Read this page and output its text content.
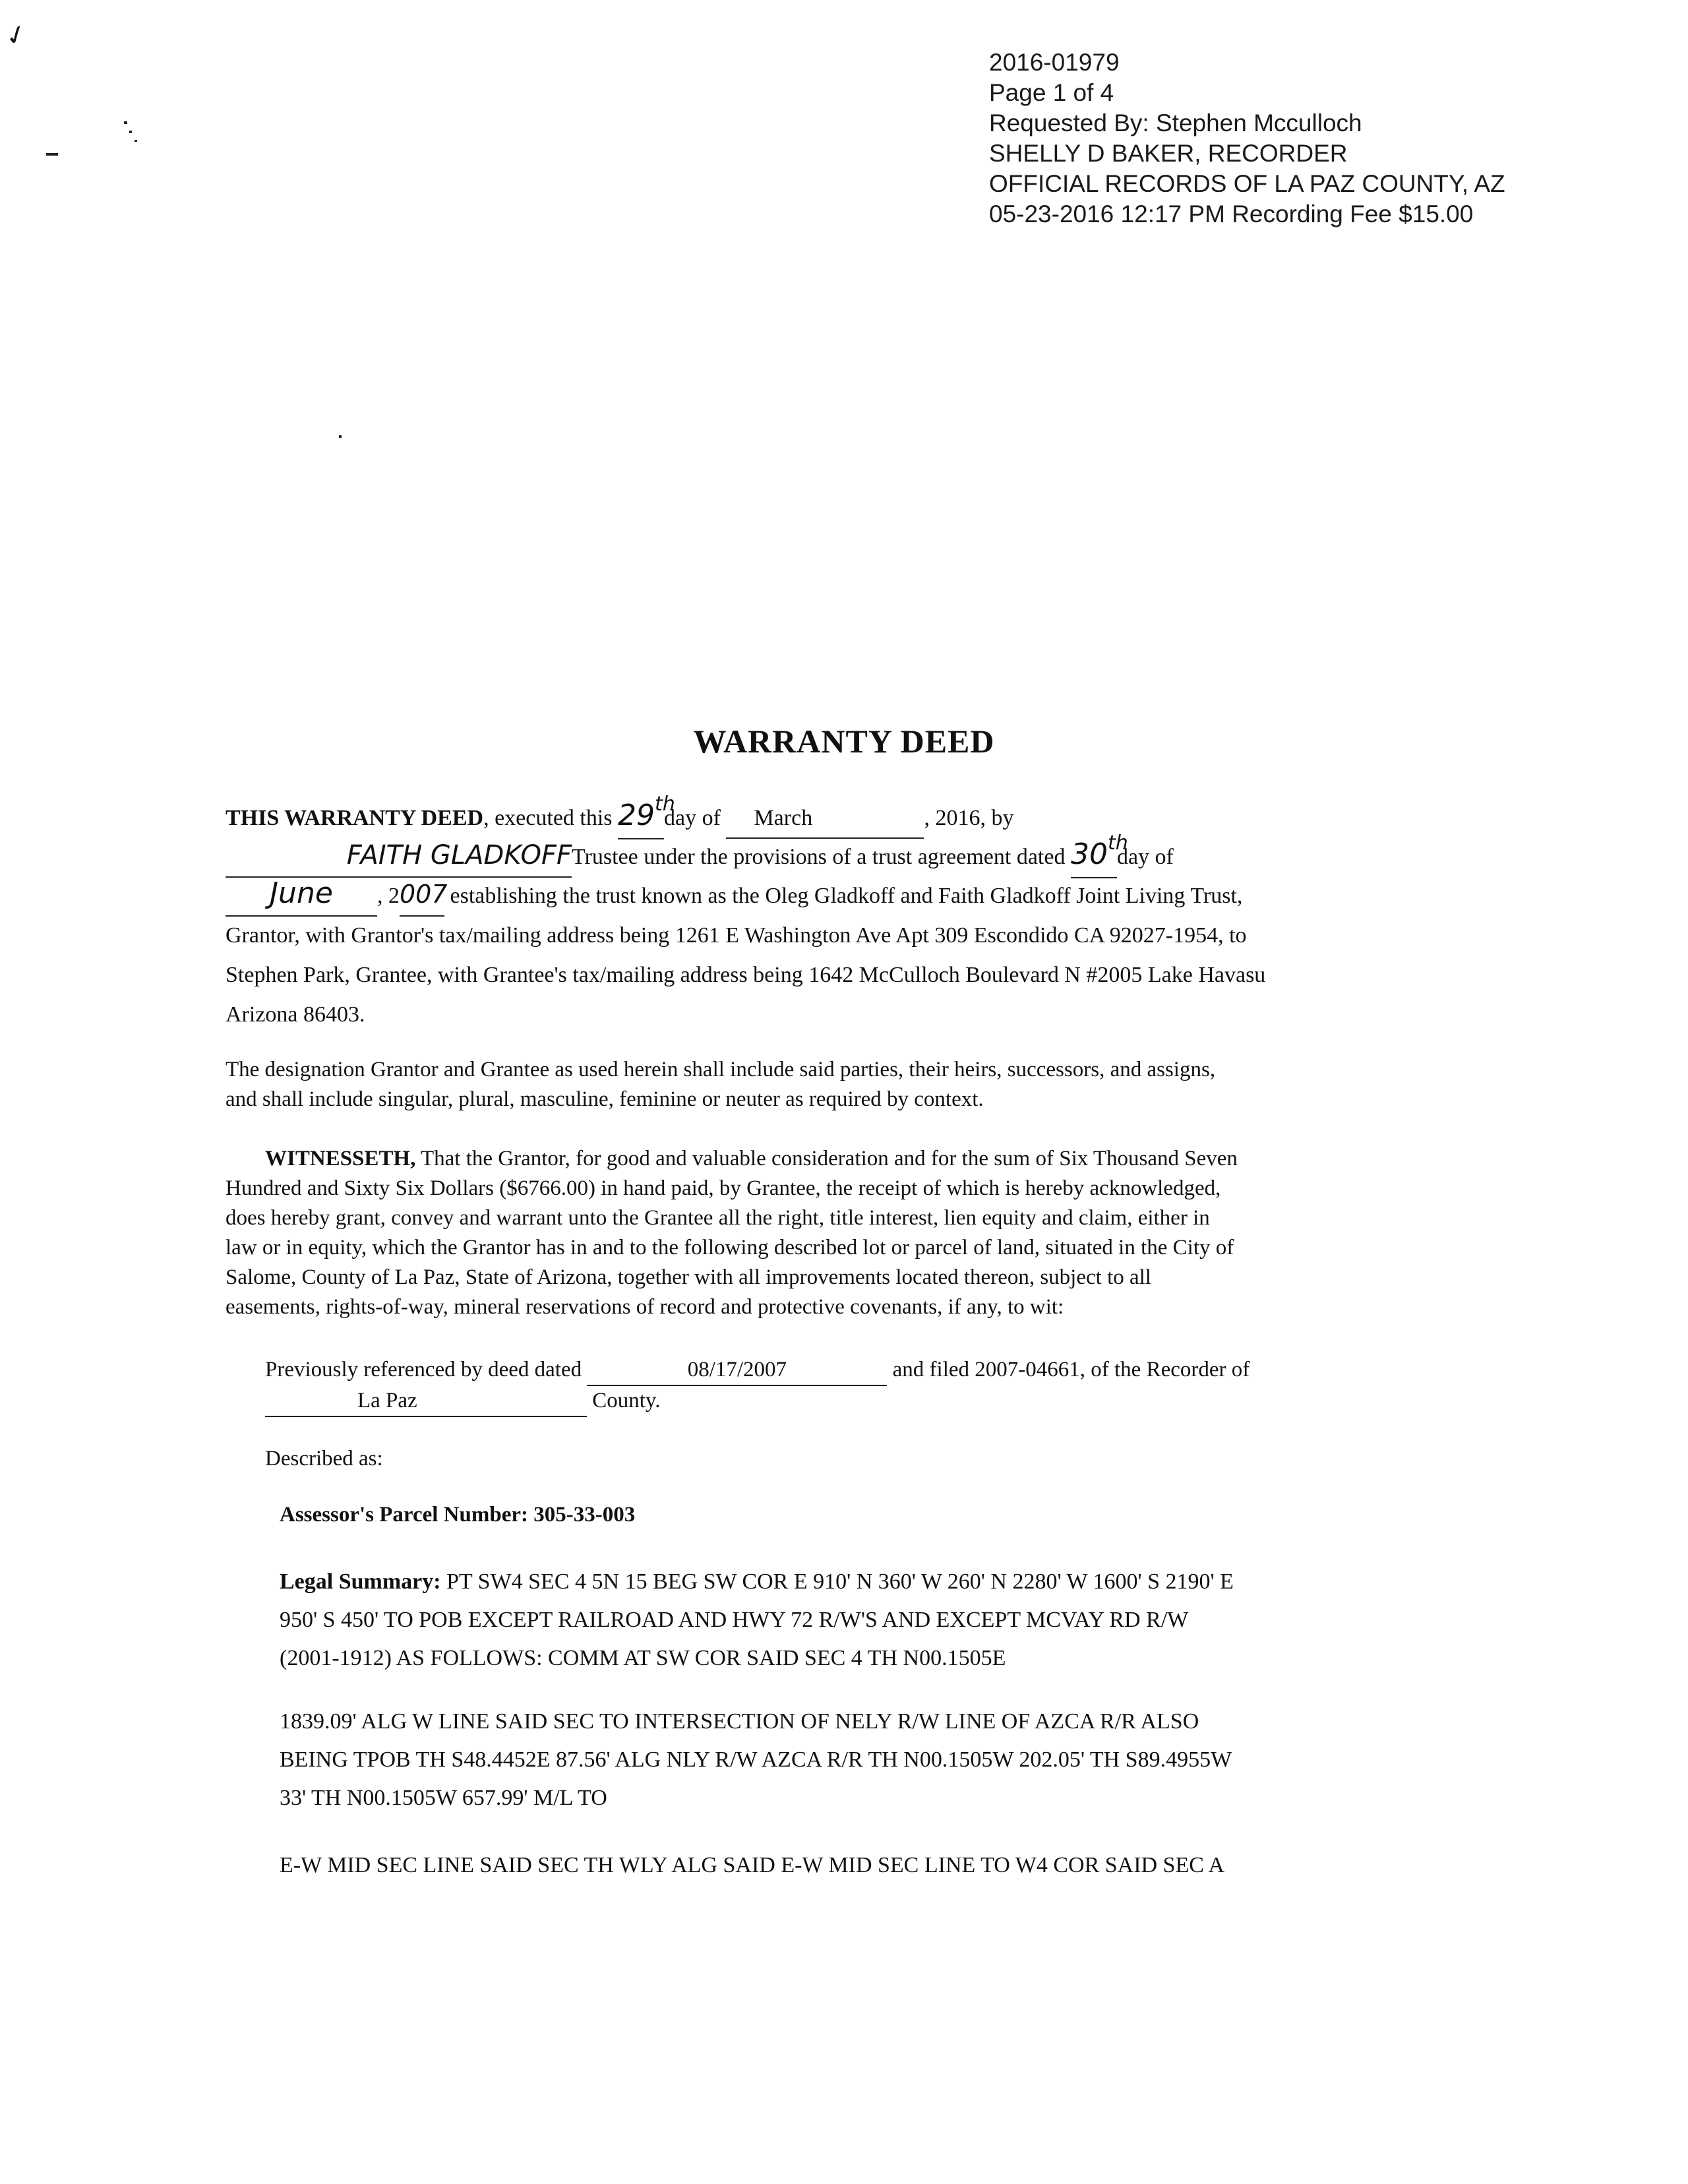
✓
2016-01979
Page 1 of 4
Requested By: Stephen Mcculloch
SHELLY D BAKER, RECORDER
OFFICIAL RECORDS OF LA PAZ COUNTY, AZ
05-23-2016 12:17 PM Recording Fee $15.00
WARRANTY DEED
THIS WARRANTY DEED, executed this 29thday of March	, 2016, by
FAITH GLADKOFFTrustee under the provisions of a trust agreement dated 30thday of
June , 2007 establishing the trust known as the Oleg Gladkoff and Faith Gladkoff Joint Living Trust,
Grantor, with Grantor's tax/mailing address being 1261 E Washington Ave Apt 309 Escondido CA 92027-1954, to
Stephen Park, Grantee, with Grantee's tax/mailing address being 1642 McCulloch Boulevard N #2005 Lake Havasu
Arizona 86403.
The designation Grantor and Grantee as used herein shall include said parties, their heirs, successors, and assigns,
and shall include singular, plural, masculine, feminine or neuter as required by context.
WITNESSETH, That the Grantor, for good and valuable consideration and for the sum of Six Thousand Seven
Hundred and Sixty Six Dollars ($6766.00) in hand paid, by Grantee, the receipt of which is hereby acknowledged,
does hereby grant, convey and warrant unto the Grantee all the right, title interest, lien equity and claim, either in
law or in equity, which the Grantor has in and to the following described lot or parcel of land, situated in the City of
Salome, County of La Paz, State of Arizona, together with all improvements located thereon, subject to all
easements, rights-of-way, mineral reservations of record and protective covenants, if any, to wit:
Previously referenced by deed dated	08/17/2007	and filed 2007-04661, of the Recorder of
La Paz	County.
Described as:
Assessor's Parcel Number: 305-33-003
Legal Summary: PT SW4 SEC 4 5N 15 BEG SW COR E 910' N 360' W 260' N 2280' W 1600' S 2190' E
950' S 450' TO POB EXCEPT RAILROAD AND HWY 72 R/W'S AND EXCEPT MCVAY RD R/W
(2001-1912) AS FOLLOWS: COMM AT SW COR SAID SEC 4 TH N00.1505E
1839.09' ALG W LINE SAID SEC TO INTERSECTION OF NELY R/W LINE OF AZCA R/R ALSO
BEING TPOB TH S48.4452E 87.56' ALG NLY R/W AZCA R/R TH N00.1505W 202.05' TH S89.4955W
33' TH N00.1505W 657.99' M/L TO
E-W MID SEC LINE SAID SEC TH WLY ALG SAID E-W MID SEC LINE TO W4 COR SAID SEC A
